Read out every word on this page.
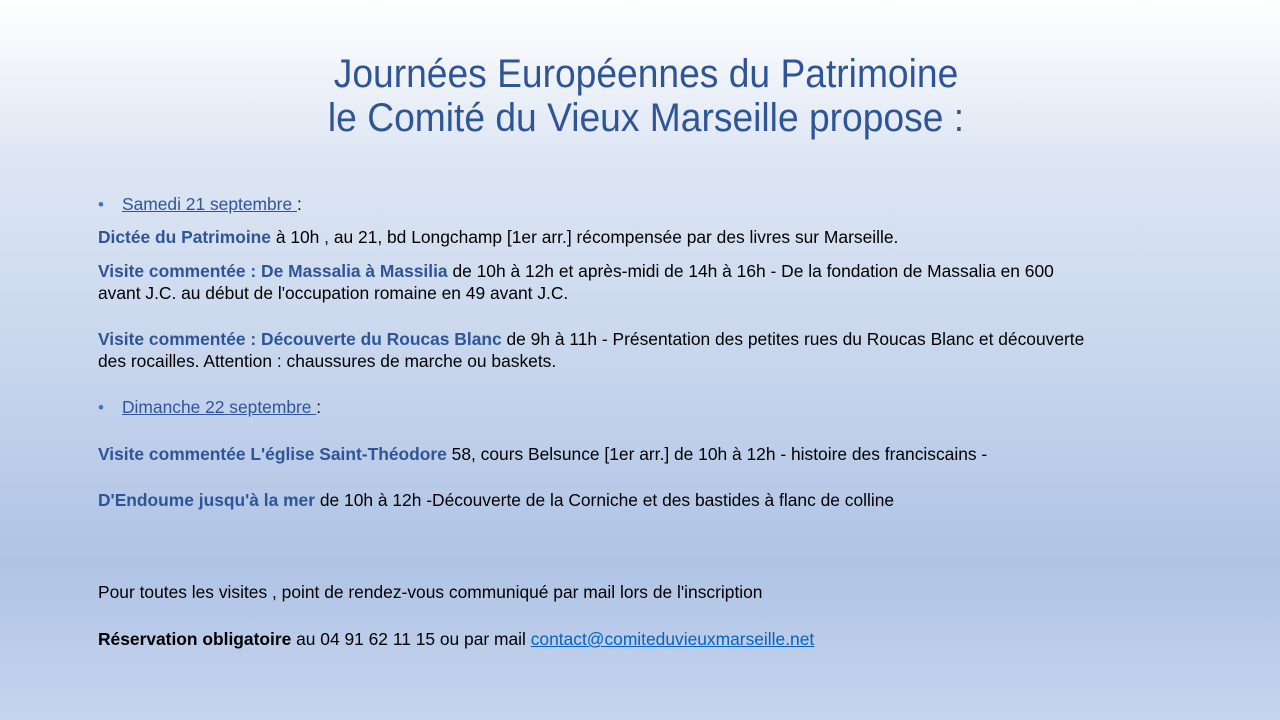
Journées Européennes du Patrimoine
le Comité du Vieux Marseille propose :
• Samedi 21 septembre :
Dictée du Patrimoine à 10h , au 21, bd Longchamp [1er arr.] récompensée par des livres sur Marseille.
Visite commentée : De Massalia à Massilia de 10h à 12h et après-midi de 14h à 16h - De la fondation de Massalia en 600
avant J.C. au début de l'occupation romaine en 49 avant J.C.
Visite commentée : Découverte du Roucas Blanc de 9h à 11h - Présentation des petites rues du Roucas Blanc et découverte
des rocailles. Attention : chaussures de marche ou baskets.
• Dimanche 22 septembre :
Visite commentée L'église Saint-Théodore 58, cours Belsunce [1er arr.] de 10h à 12h - histoire des franciscains -
D'Endoume jusqu'à la mer de 10h à 12h -Découverte de la Corniche et des bastides à flanc de colline
Pour toutes les visites , point de rendez-vous communiqué par mail lors de l'inscription
Réservation obligatoire au 04 91 62 11 15 ou par mail contact@comiteduvieuxmarseille.net
